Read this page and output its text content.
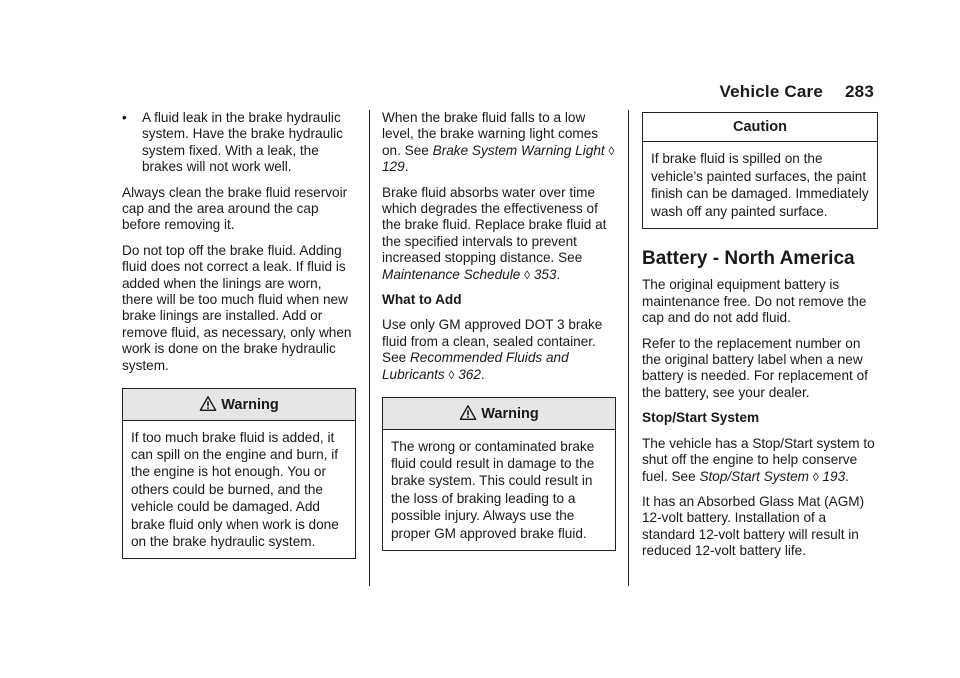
Vehicle Care 283
•	A fluid leak in the brake hydraulic system. Have the brake hydraulic system fixed. With a leak, the brakes will not work well.

Always clean the brake fluid reservoir cap and the area around the cap before removing it.

Do not top off the brake fluid. Adding fluid does not correct a leak. If fluid is added when the linings are worn, there will be too much fluid when new brake linings are installed. Add or remove fluid, as necessary, only when work is done on the brake hydraulic system.

Warning
If too much brake fluid is added, it can spill on the engine and burn, if the engine is hot enough. You or others could be burned, and the vehicle could be damaged. Add brake fluid only when work is done on the brake hydraulic system.

When the brake fluid falls to a low level, the brake warning light comes on. See Brake System Warning Light ◊ 129.

Brake fluid absorbs water over time which degrades the effectiveness of the brake fluid. Replace brake fluid at the specified intervals to prevent increased stopping distance. See Maintenance Schedule ◊ 353.

What to Add

Use only GM approved DOT 3 brake fluid from a clean, sealed container. See Recommended Fluids and Lubricants ◊ 362.

Warning
The wrong or contaminated brake fluid could result in damage to the brake system. This could result in the loss of braking leading to a possible injury. Always use the proper GM approved brake fluid.
Caution
If brake fluid is spilled on the vehicle’s painted surfaces, the paint finish can be damaged. Immediately wash off any painted surface.
Battery - North America

The original equipment battery is maintenance free. Do not remove the cap and do not add fluid.

Refer to the replacement number on the original battery label when a new battery is needed. For replacement of the battery, see your dealer.

Stop/Start System

The vehicle has a Stop/Start system to shut off the engine to help conserve fuel. See Stop/Start System ◊ 193.

It has an Absorbed Glass Mat (AGM) 12-volt battery. Installation of a standard 12-volt battery will result in reduced 12-volt battery life.
